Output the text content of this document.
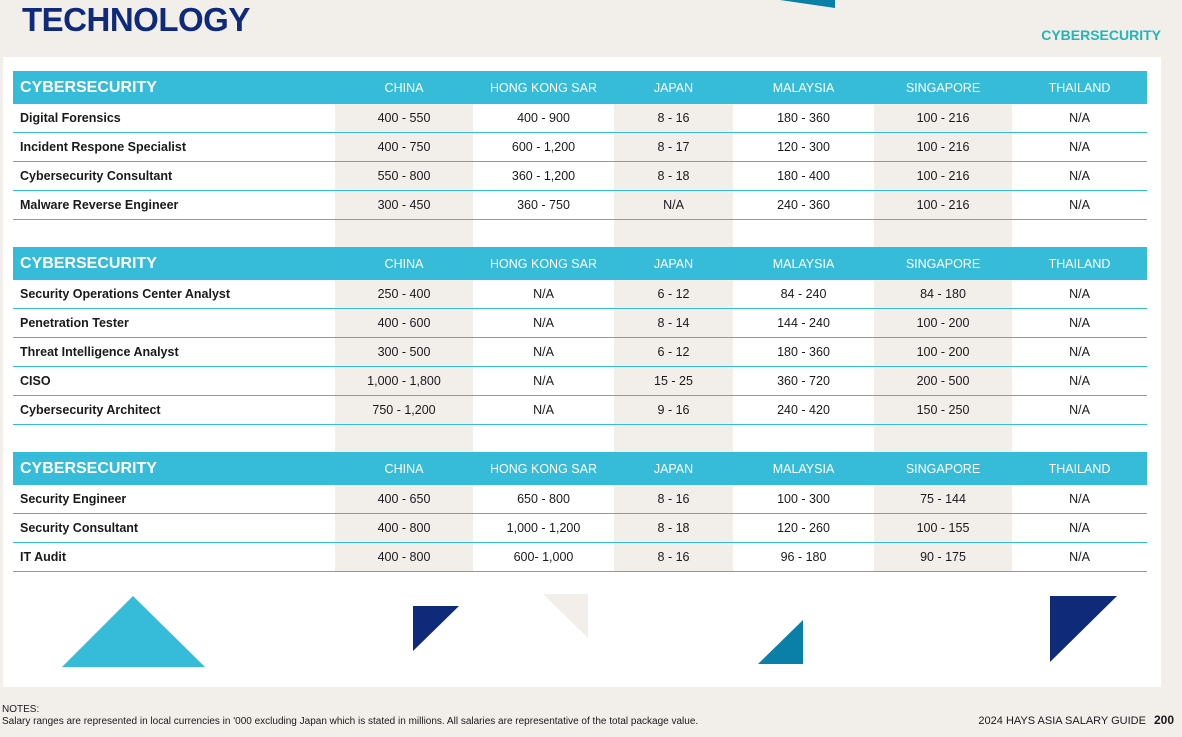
TECHNOLOGY	CYBERSECURITY
CYBERSECURITY	CHINA	HONG KONG SAR	JAPAN	MALAYSIA	SINGAPORE	THAILAND
Digital Forensics	400 - 550	400 - 900	8 - 16	180 - 360	100 - 216	N/A
Incident Respone Specialist	400 - 750	600 - 1,200	8 - 17	120 - 300	100 - 216	N/A
Cybersecurity Consultant	550 - 800	360 - 1,200	8 - 18	180 - 400	100 - 216	N/A
Malware Reverse Engineer	300 - 450	360 - 750	N/A	240 - 360	100 - 216	N/A

CYBERSECURITY	CHINA	HONG KONG SAR	JAPAN	MALAYSIA	SINGAPORE	THAILAND
Security Operations Center Analyst	250 - 400	N/A	6 - 12	84 - 240	84 - 180	N/A
Penetration Tester	400 - 600	N/A	8 - 14	144 - 240	100 - 200	N/A
Threat Intelligence Analyst	300 - 500	N/A	6 - 12	180 - 360	100 - 200	N/A
CISO	1,000 - 1,800	N/A	15 - 25	360 - 720	200 - 500	N/A
Cybersecurity Architect	750 - 1,200	N/A	9 - 16	240 - 420	150 - 250	N/A

CYBERSECURITY	CHINA	HONG KONG SAR	JAPAN	MALAYSIA	SINGAPORE	THAILAND
Security Engineer	400 - 650	650 - 800	8 - 16	100 - 300	75 - 144	N/A
Security Consultant	400 - 800	1,000 - 1,200	8 - 18	120 - 260	100 - 155	N/A
IT Audit	400 - 800	600- 1,000	8 - 16	96 - 180	90 - 175	N/A
NOTES:
Salary ranges are represented in local currencies in '000 excluding Japan which is stated in millions. All salaries are representative of the total package value.	2024 HAYS ASIA SALARY GUIDE 200
